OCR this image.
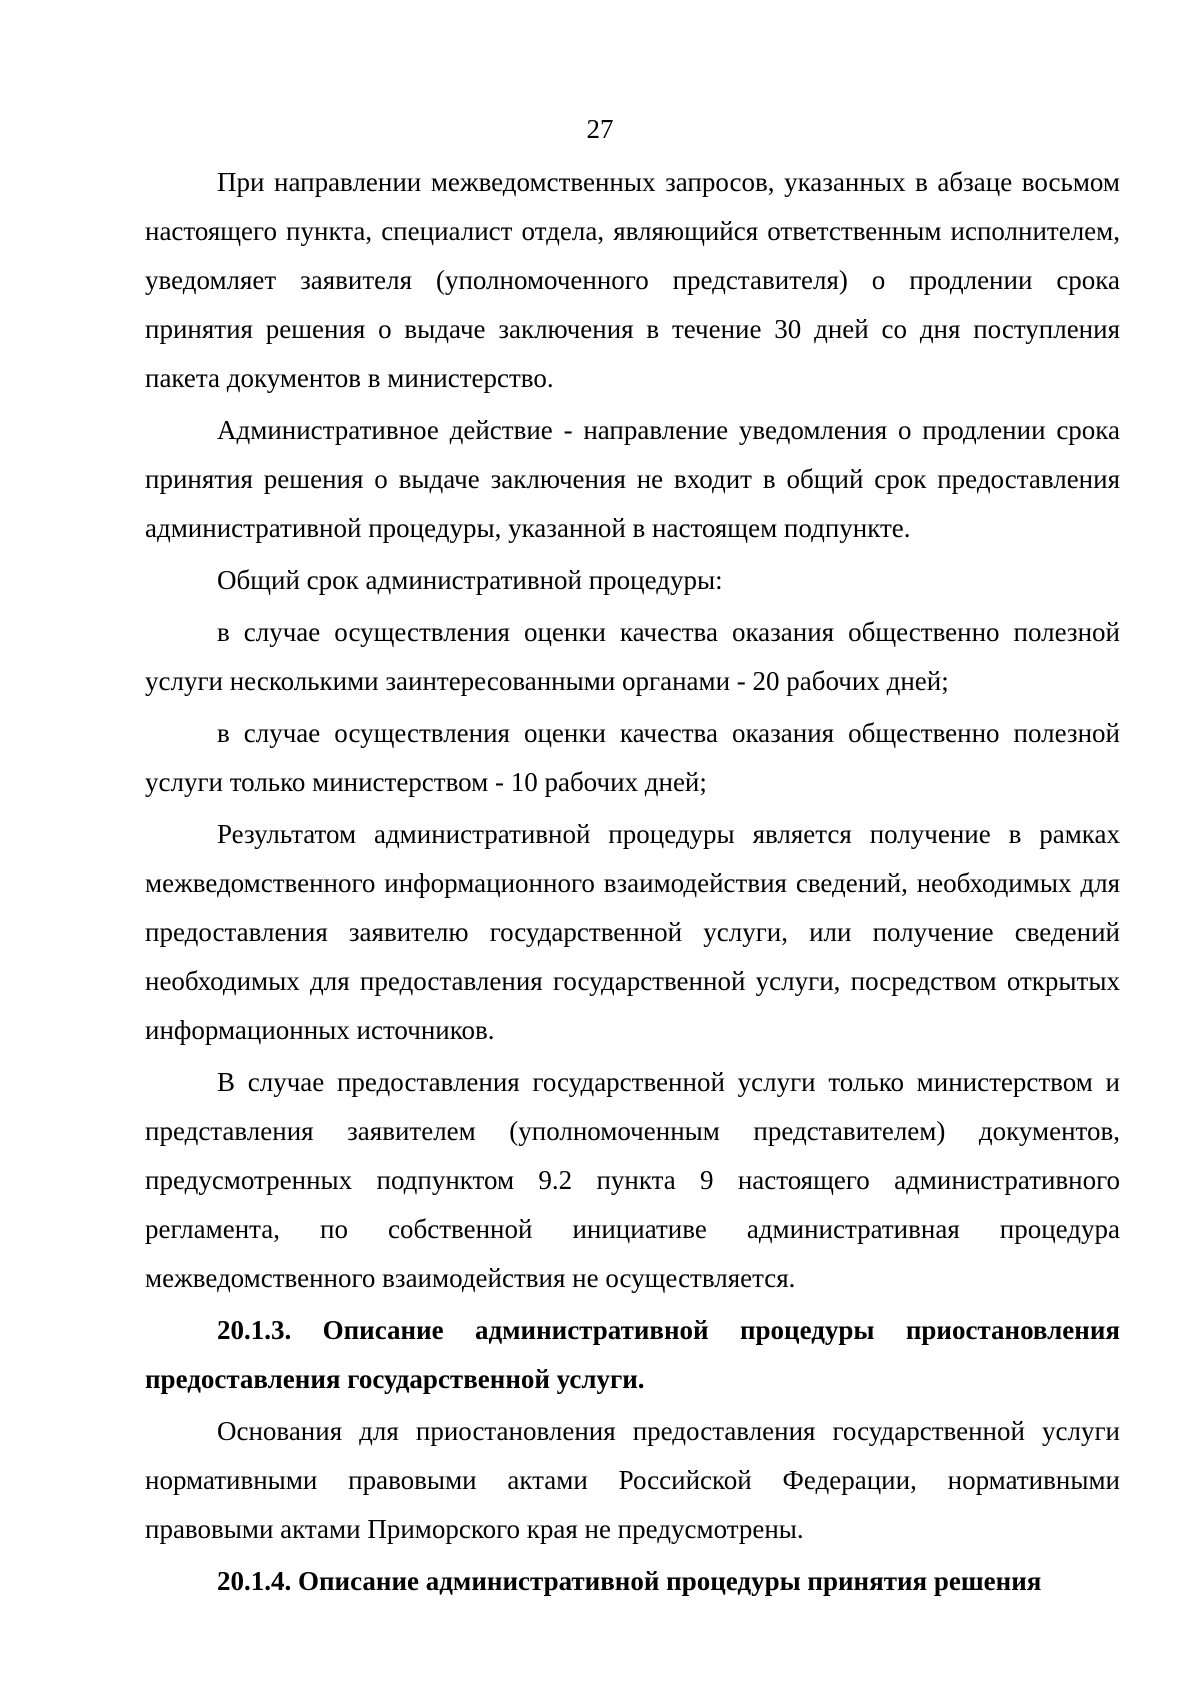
27

При направлении межведомственных запросов, указанных в абзаце восьмом настоящего пункта, специалист отдела, являющийся ответственным исполнителем, уведомляет заявителя (уполномоченного представителя) о продлении срока принятия решения о выдаче заключения в течение 30 дней со дня поступления пакета документов в министерство.

Административное действие - направление уведомления о продлении срока принятия решения о выдаче заключения не входит в общий срок предоставления административной процедуры, указанной в настоящем подпункте.

Общий срок административной процедуры:

в случае осуществления оценки качества оказания общественно полезной услуги несколькими заинтересованными органами - 20 рабочих дней;

в случае осуществления оценки качества оказания общественно полезной услуги только министерством - 10 рабочих дней;

Результатом административной процедуры является получение в рамках межведомственного информационного взаимодействия сведений, необходимых для предоставления заявителю государственной услуги, или получение сведений необходимых для предоставления государственной услуги, посредством открытых информационных источников.

В случае предоставления государственной услуги только министерством и представления заявителем (уполномоченным представителем) документов, предусмотренных подпунктом 9.2 пункта 9 настоящего административного регламента, по собственной инициативе административная процедура межведомственного взаимодействия не осуществляется.

20.1.3. Описание административной процедуры приостановления предоставления государственной услуги.

Основания для приостановления предоставления государственной услуги нормативными правовыми актами Российской Федерации, нормативными правовыми актами Приморского края не предусмотрены.

20.1.4. Описание административной процедуры принятия решения
